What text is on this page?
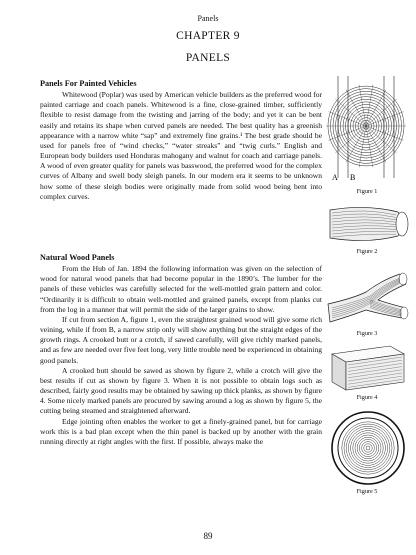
Panels
CHAPTER 9
PANELS
Panels For Painted Vehicles

Whitewood (Poplar) was used by American vehicle builders as the preferred wood for painted carriage and coach panels. Whitewood is a fine, close-grained timber, sufficiently flexible to resist damage from the twisting and jarring of the body; and yet it can be bent easily and retains its shape when curved panels are needed. The best quality has a greenish appearance with a narrow white “sap” and extremely fine grains.¹ The best grade should be used for panels free of “wind checks,” “water streaks” and “twig curls.” English and European body builders used Honduras mahogany and walnut for coach and carriage panels. A wood of even greater quality for panels was basswood, the preferred wood for the complex curves of Albany and swell body sleigh panels. In our modern era it seems to be unknown how some of these sleigh bodies were originally made from solid wood being bent into complex curves.

Natural Wood Panels

From the Hub of Jan. 1894 the following information was given on the selection of wood for natural wood panels that had become popular in the 1890’s. The lumber for the panels of these vehicles was carefully selected for the well-mottled grain pattern and color. “Ordinarily it is difficult to obtain well-mottled and grained panels, except from planks cut from the log in a manner that will permit the side of the larger grains to show.

If cut from section A, figure 1, even the straightest grained wood will give some rich veining, while if from B, a narrow strip only will show anything but the straight edges of the growth rings. A crooked butt or a crotch, if sawed carefully, will give richly marked panels, and as few are needed over five feet long, very little trouble need be experienced in obtaining good panels.

A crooked butt should be sawed as shown by figure 2, while a crotch will give the best results if cut as shown by figure 3. When it is not possible to obtain logs such as described, fairly good results may be obtained by sawing up thick planks, as shown by figure 4. Some nicely marked panels are procured by sawing around a log as shown by figure 5, the cutting being steamed and straightened afterward.

Edge jointing often enables the worker to get a finely-grained panel, but for carriage work this is a bad plan except when the thin panel is backed up by another with the grain running directly at right angles with the first. If possible, always make the

A B
Figure 1
Figure 2
Figure 3
Figure 4
Figure 5
89
